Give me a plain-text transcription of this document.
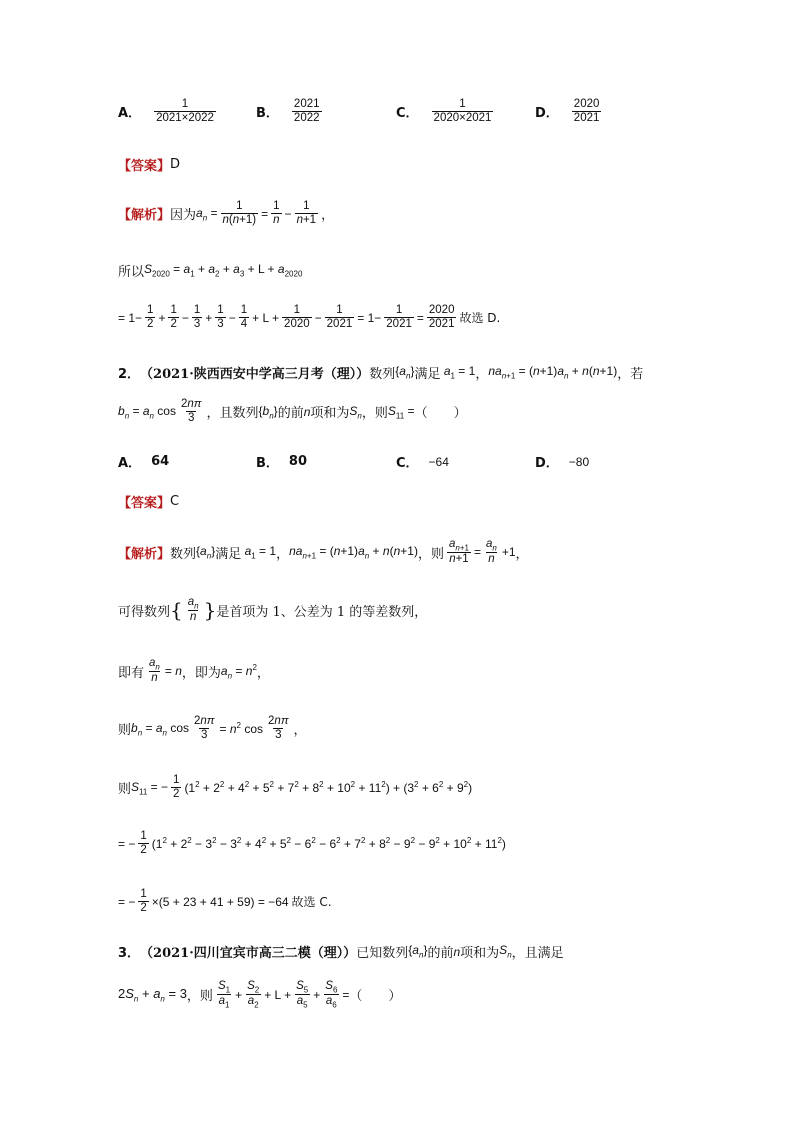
A． $\frac{1}{2021\times 2022}$	B． $\frac{2021}{2022}$	C． $\frac{1}{2020\times 2021}$	D． $\frac{2020}{2021}$
【答案】 D
【解析】 因为 $a_n = \frac{1}{n(n+1)} = \frac{1}{n} - \frac{1}{n+1}$ ，
所以 $S_{2020} = a_1 + a_2 + a_3 + L + a_{2020}$
= $1- \frac{1}{2} + \frac{1}{2} - \frac{1}{3} + \frac{1}{3} - \frac{1}{4} + L + \frac{1}{2020} - \frac{1}{2021} = 1- \frac{1}{2021} = \frac{2020}{2021}$ 故选 D.
2． （2021·陕西西安中学高三月考（理）） 数列 $\{a_n\}$ 满足 $a_1 = 1$ ， $na_{n+1} = (n+1)a_n + n(n+1)$ ，若
$b_n = a_n$ $\cos \frac{2n\pi}{3}$ ，且数列 $\{b_n\}$ 的前 n 项和为 $S_n$ ，则 $S_{11}$ = （　　）
A． 64	B． 80	C． −64	D． −80
【答案】 C
【解析】 数列 $\{a_n\}$ 满足 $a_1 = 1$ ， $na_{n+1} = (n+1)a_n + n(n+1)$ ，则 $\frac{a_{n+1}}{n+1} = \frac{a_n}{n} +1$ ，
可得数列 { $\frac{a_n}{n}$ } 是首项为 1、公差为 1 的等差数列，
即有 $\frac{a_n}{n} = n$ ，即为 $a_n = n^2$ ，
则 $b_n = a_n$ $\cos \frac{2n\pi}{3} = n^2$ $\cos \frac{2n\pi}{3}$ ，
则 $S_{11}$ = − $\frac{1}{2} (1^2 + 2^2 + 4^2 + 5^2 + 7^2 + 8^2 + 10^2 + 11^2) + (3^2 + 6^2 + 9^2)$
= − $\frac{1}{2} (1^2 + 2^2 - 3^2 - 3^2 + 4^2 + 5^2 - 6^2 - 6^2 + 7^2 + 8^2 - 9^2 - 9^2 + 10^2 + 11^2)$
= − $\frac{1}{2} \times(5 + 23 + 41 + 59) = -64$ 故选 C.
3． （2021·四川宜宾市高三二模（理）） 已知数列 $\{a_n\}$ 的前 n 项和为 $S_n$ ，且满足
$2S_n + a_n = 3$ ，则 $\frac{S_1}{a_1} + \frac{S_2}{a_2} + L + \frac{S_5}{a_5} + \frac{S_6}{a_6}$ = （　　）
